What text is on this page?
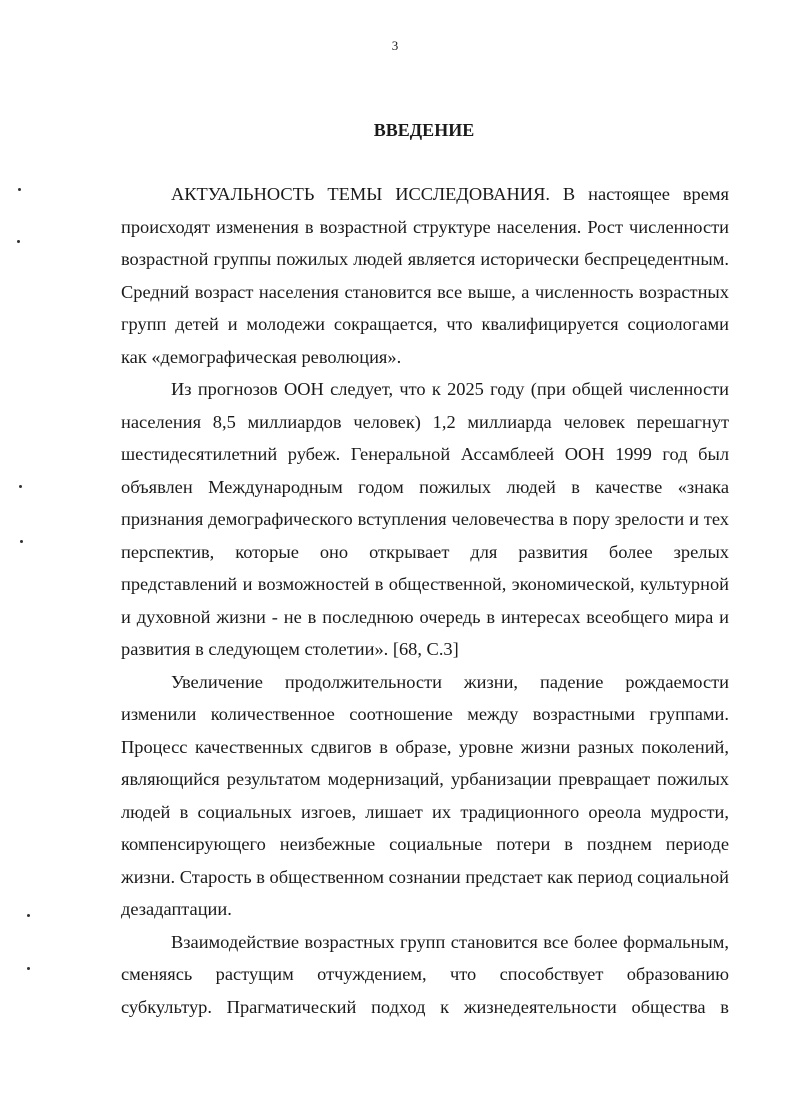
3
ВВЕДЕНИЕ

АКТУАЛЬНОСТЬ ТЕМЫ ИССЛЕДОВАНИЯ. В настоящее время происходят изменения в возрастной структуре населения. Рост численности возрастной группы пожилых людей является исторически беспрецедентным. Средний возраст населения становится все выше, а численность возрастных групп детей и молодежи сокращается, что квалифицируется социологами как «демографическая революция».

Из прогнозов ООН следует, что к 2025 году (при общей численности населения 8,5 миллиардов человек) 1,2 миллиарда человек перешагнут шестидесятилетний рубеж. Генеральной Ассамблеей ООН 1999 год был объявлен Международным годом пожилых людей в качестве «знака признания демографического вступления человечества в пору зрелости и тех перспектив, которые оно открывает для развития более зрелых представлений и возможностей в общественной, экономической, культурной и духовной жизни - не в последнюю очередь в интересах всеобщего мира и развития в следующем столетии». [68, С.3]

Увеличение продолжительности жизни, падение рождаемости изменили количественное соотношение между возрастными группами. Процесс качественных сдвигов в образе, уровне жизни разных поколений, являющийся результатом модернизаций, урбанизации превращает пожилых людей в социальных изгоев, лишает их традиционного ореола мудрости, компенсирующего неизбежные социальные потери в позднем периоде жизни. Старость в общественном сознании предстает как период социальной дезадаптации.

Взаимодействие возрастных групп становится все более формальным, сменяясь растущим отчуждением, что способствует образованию субкультур. Прагматический подход к жизнедеятельности общества в
